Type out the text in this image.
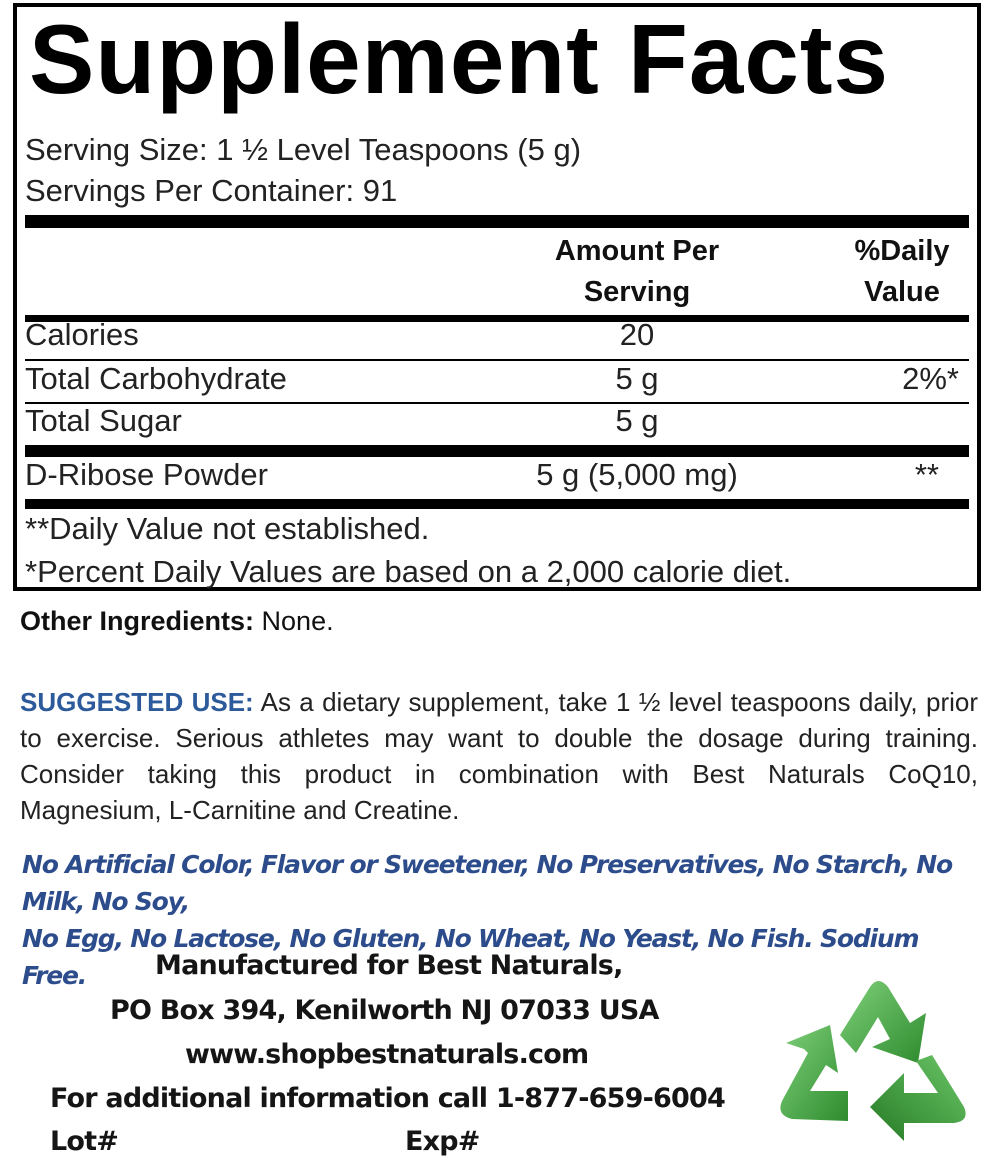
Supplement Facts
Serving Size: 1 ½ Level Teaspoons (5 g)
Servings Per Container: 91
Amount Per
Serving
%Daily
Value
Calories	20
Total Carbohydrate	5 g	2%*
Total Sugar	5 g
D-Ribose Powder	5 g (5,000 mg)	**
**Daily Value not established.
*Percent Daily Values are based on a 2,000 calorie diet.
Other Ingredients: None.
SUGGESTED USE: As a dietary supplement, take 1 ½ level teaspoons daily, prior to exercise. Serious athletes may want to double the dosage during training. Consider taking this product in combination with Best Naturals CoQ10, Magnesium, L-Carnitine and Creatine.
No Artificial Color, Flavor or Sweetener, No Preservatives, No Starch, No Milk, No Soy,
No Egg, No Lactose, No Gluten, No Wheat, No Yeast, No Fish. Sodium Free.	Manufactured for Best Naturals,
PO Box 394, Kenilworth NJ 07033 USA
www.shopbestnaturals.com
For additional information call 1-877-659-6004
Lot#	Exp#
